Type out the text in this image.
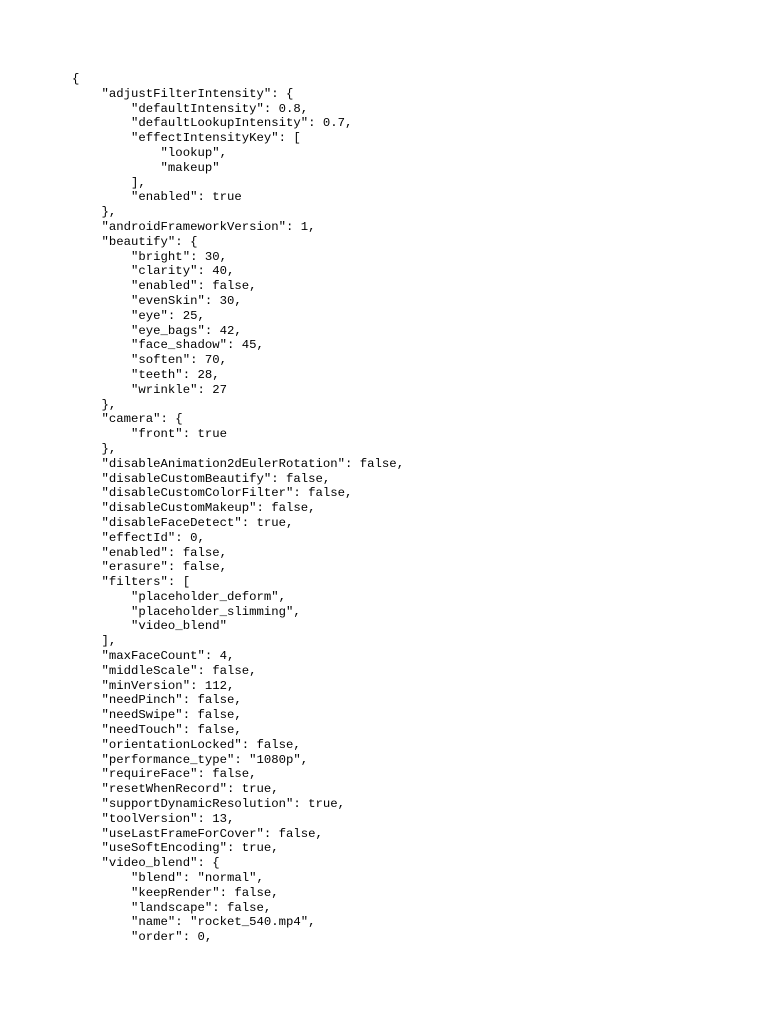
{
"adjustFilterIntensity": {
"defaultIntensity": 0.8,
"defaultLookupIntensity": 0.7,
"effectIntensityKey": [
"lookup",
"makeup"
],
"enabled": true
},
"androidFrameworkVersion": 1,
"beautify": {
"bright": 30,
"clarity": 40,
"enabled": false,
"evenSkin": 30,
"eye": 25,
"eye_bags": 42,
"face_shadow": 45,
"soften": 70,
"teeth": 28,
"wrinkle": 27
},
"camera": {
"front": true
},
"disableAnimation2dEulerRotation": false,
"disableCustomBeautify": false,
"disableCustomColorFilter": false,
"disableCustomMakeup": false,
"disableFaceDetect": true,
"effectId": 0,
"enabled": false,
"erasure": false,
"filters": [
"placeholder_deform",
"placeholder_slimming",
"video_blend"
],
"maxFaceCount": 4,
"middleScale": false,
"minVersion": 112,
"needPinch": false,
"needSwipe": false,
"needTouch": false,
"orientationLocked": false,
"performance_type": "1080p",
"requireFace": false,
"resetWhenRecord": true,
"supportDynamicResolution": true,
"toolVersion": 13,
"useLastFrameForCover": false,
"useSoftEncoding": true,
"video_blend": {
"blend": "normal",
"keepRender": false,
"landscape": false,
"name": "rocket_540.mp4",
"order": 0,
